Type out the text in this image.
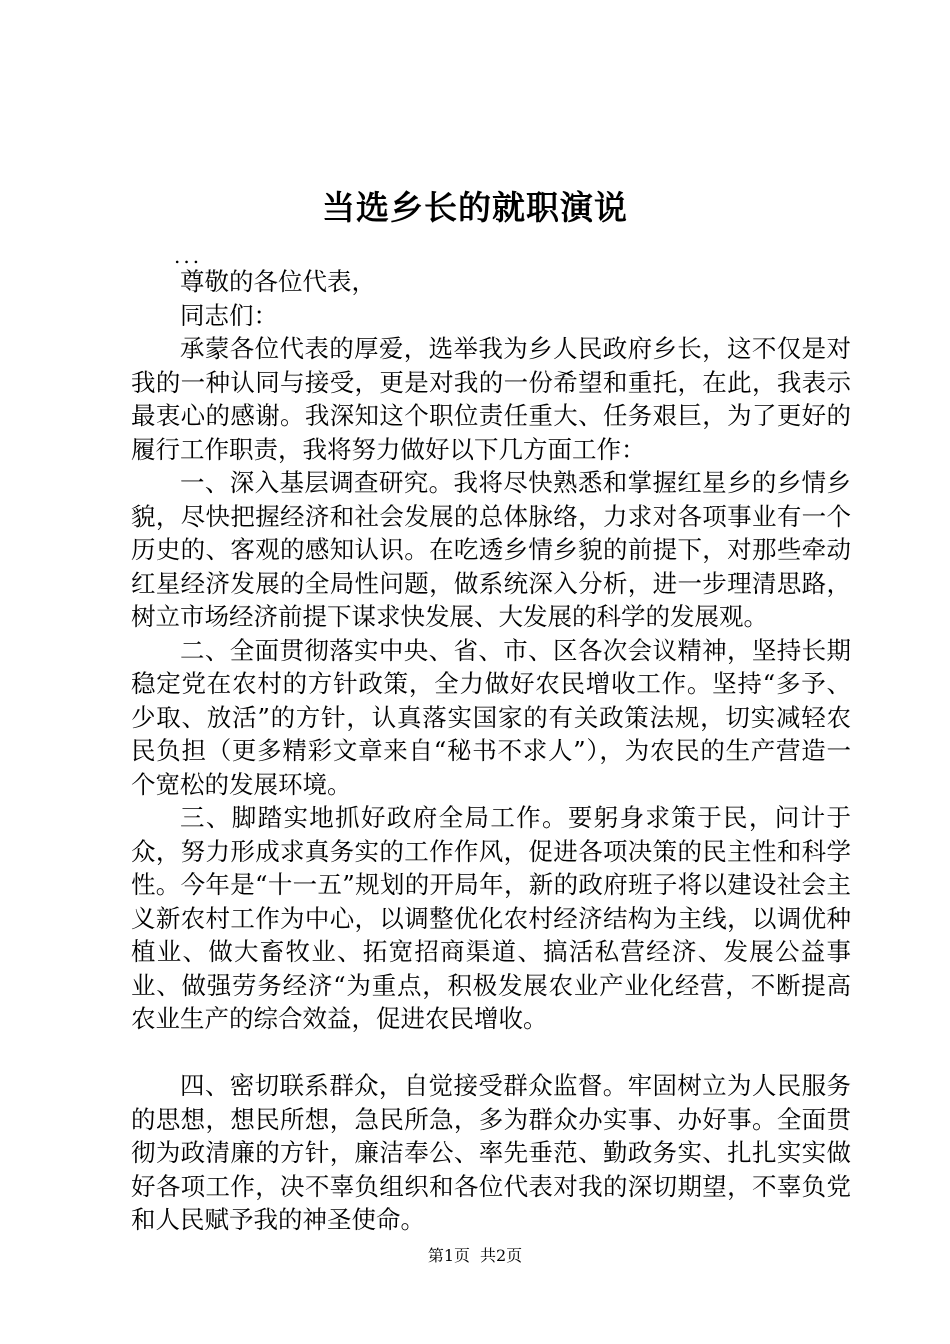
当选乡长的就职演说
...

尊敬的各位代表，

同志们：

承蒙各位代表的厚爱，选举我为乡人民政府乡长，这不仅是对我的一种认同与接受，更是对我的一份希望和重托，在此，我表示最衷心的感谢。我深知这个职位责任重大、任务艰巨，为了更好的履行工作职责，我将努力做好以下几方面工作：

一、深入基层调查研究。我将尽快熟悉和掌握红星乡的乡情乡貌，尽快把握经济和社会发展的总体脉络，力求对各项事业有一个历史的、客观的感知认识。在吃透乡情乡貌的前提下，对那些牵动红星经济发展的全局性问题，做系统深入分析，进一步理清思路，树立市场经济前提下谋求快发展、大发展的科学的发展观。

二、全面贯彻落实中央、省、市、区各次会议精神，坚持长期稳定党在农村的方针政策，全力做好农民增收工作。坚持“多予、少取、放活”的方针，认真落实国家的有关政策法规，切实减轻农民负担（更多精彩文章来自“秘书不求人”），为农民的生产营造一个宽松的发展环境。

三、脚踏实地抓好政府全局工作。要躬身求策于民，问计于众，努力形成求真务实的工作作风，促进各项决策的民主性和科学性。今年是“十一五”规划的开局年，新的政府班子将以建设社会主义新农村工作为中心，以调整优化农村经济结构为主线，以调优种植业、做大畜牧业、拓宽招商渠道、搞活私营经济、发展公益事业、做强劳务经济“为重点，积极发展农业产业化经营，不断提高农业生产的综合效益，促进农民增收。

四、密切联系群众，自觉接受群众监督。牢固树立为人民服务的思想，想民所想，急民所急，多为群众办实事、办好事。全面贯彻为政清廉的方针，廉洁奉公、率先垂范、勤政务实、扎扎实实做好各项工作，决不辜负组织和各位代表对我的深切期望，不辜负党和人民赋予我的神圣使命。

第1页 共2页
